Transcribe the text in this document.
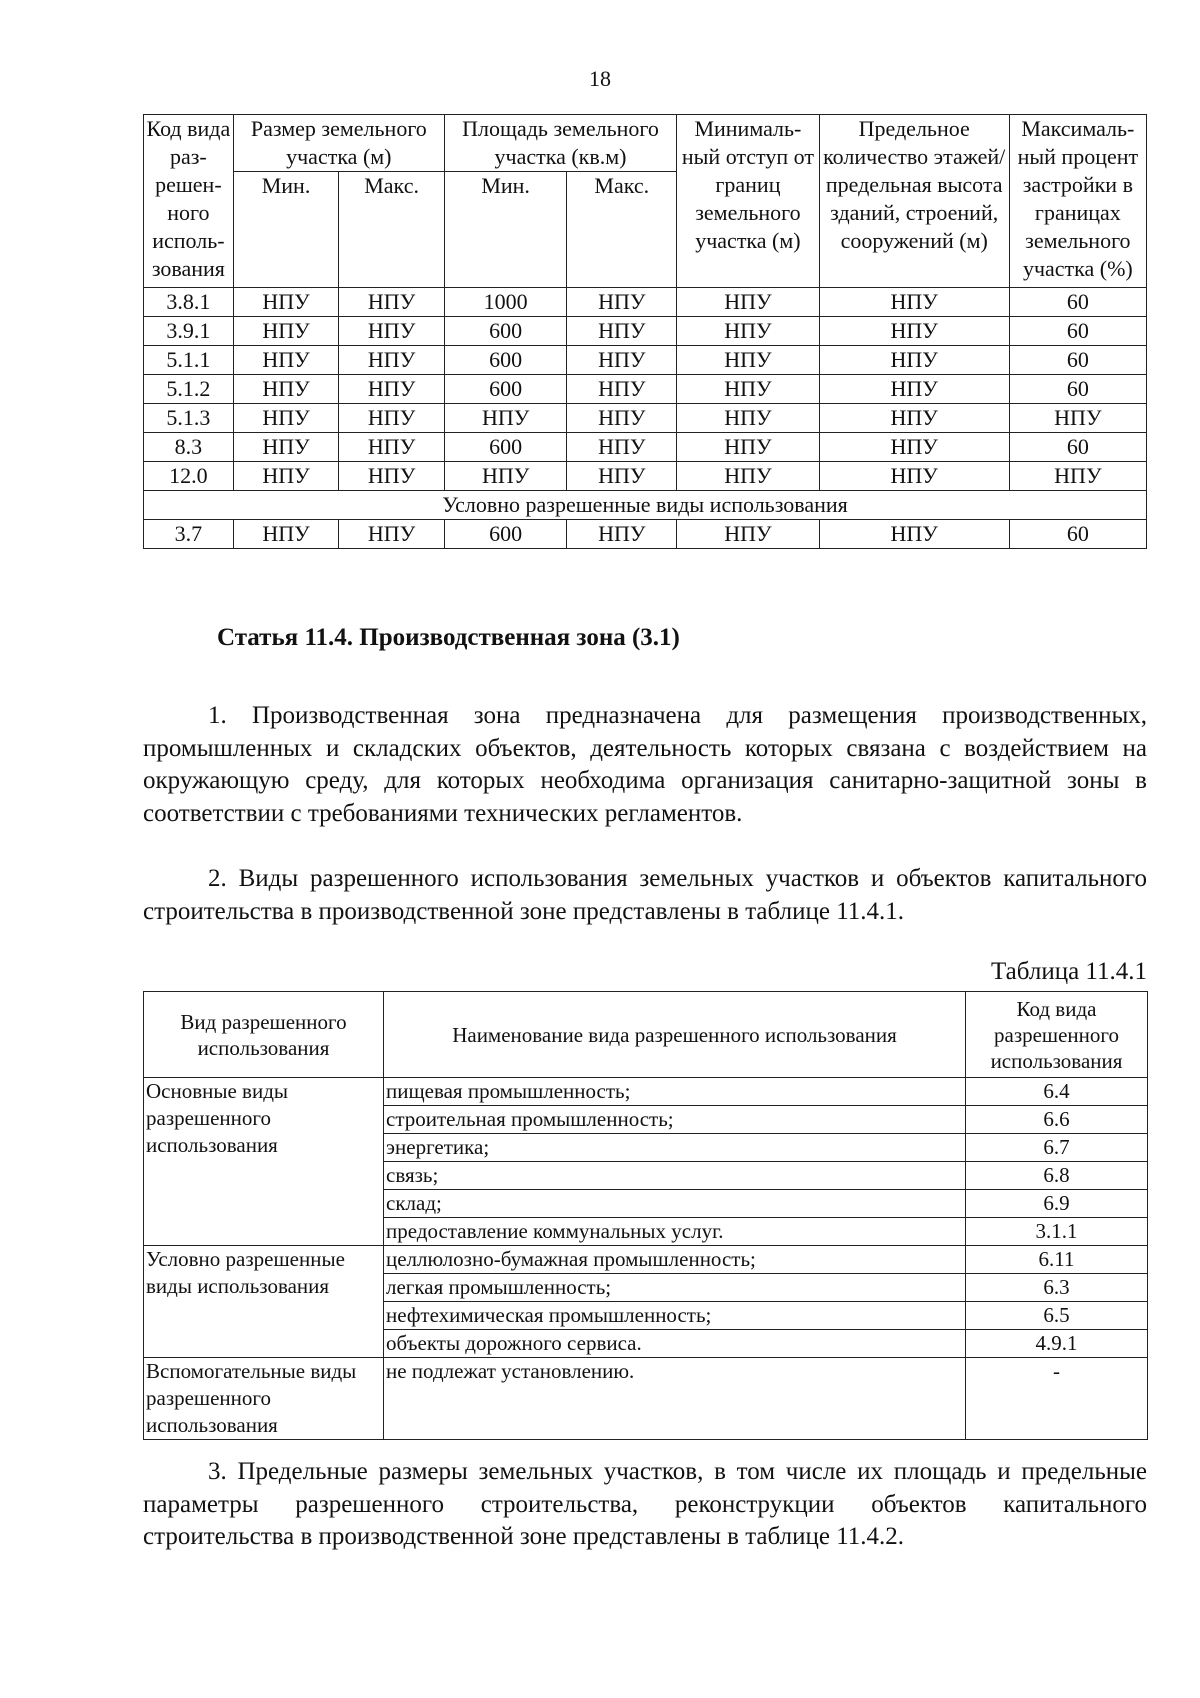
18
Код вида раз- решен- ного исполь- зования	Размер земельного участка (м)		Площадь земельного участка (кв.м)		Минималь- ный отступ от границ земельного участка (м)	Предельное количество этажей/ предельная высота зданий, строений, сооружений (м)	Максималь- ный процент застройки в границах земельного участка (%)
	Мин.	Макс.	Мин.	Макс.			
3.8.1	НПУ	НПУ	1000	НПУ	НПУ	НПУ	60
3.9.1	НПУ	НПУ	600	НПУ	НПУ	НПУ	60
5.1.1	НПУ	НПУ	600	НПУ	НПУ	НПУ	60
5.1.2	НПУ	НПУ	600	НПУ	НПУ	НПУ	60
5.1.3	НПУ	НПУ	НПУ	НПУ	НПУ	НПУ	НПУ
8.3	НПУ	НПУ	600	НПУ	НПУ	НПУ	60
12.0	НПУ	НПУ	НПУ	НПУ	НПУ	НПУ	НПУ
Условно разрешенные виды использования							
3.7	НПУ	НПУ	600	НПУ	НПУ	НПУ	60
Статья 11.4. Производственная зона (3.1)
1. Производственная зона предназначена для размещения производственных, промышленных и складских объектов, деятельность которых связана с воздействием на окружающую среду, для которых необходима организация санитарно-защитной зоны в соответствии с требованиями технических регламентов.
2. Виды разрешенного использования земельных участков и объектов капитального строительства в производственной зоне представлены в таблице 11.4.1.
Таблица 11.4.1
Вид разрешенного использования	Наименование вида разрешенного использования	Код вида разрешенного использования
Основные виды разрешенного использования	пищевая промышленность;	6.4
	строительная промышленность;	6.6
	энергетика;	6.7
	связь;	6.8
	склад;	6.9
	предоставление коммунальных услуг.	3.1.1
Условно разрешенные виды использования	целлюлозно-бумажная промышленность;	6.11
	легкая промышленность;	6.3
	нефтехимическая промышленность;	6.5
	объекты дорожного сервиса.	4.9.1
Вспомогательные виды разрешенного использования	не подлежат установлению.	-
3. Предельные размеры земельных участков, в том числе их площадь и предельные параметры разрешенного строительства, реконструкции объектов капитального строительства в производственной зоне представлены в таблице 11.4.2.
